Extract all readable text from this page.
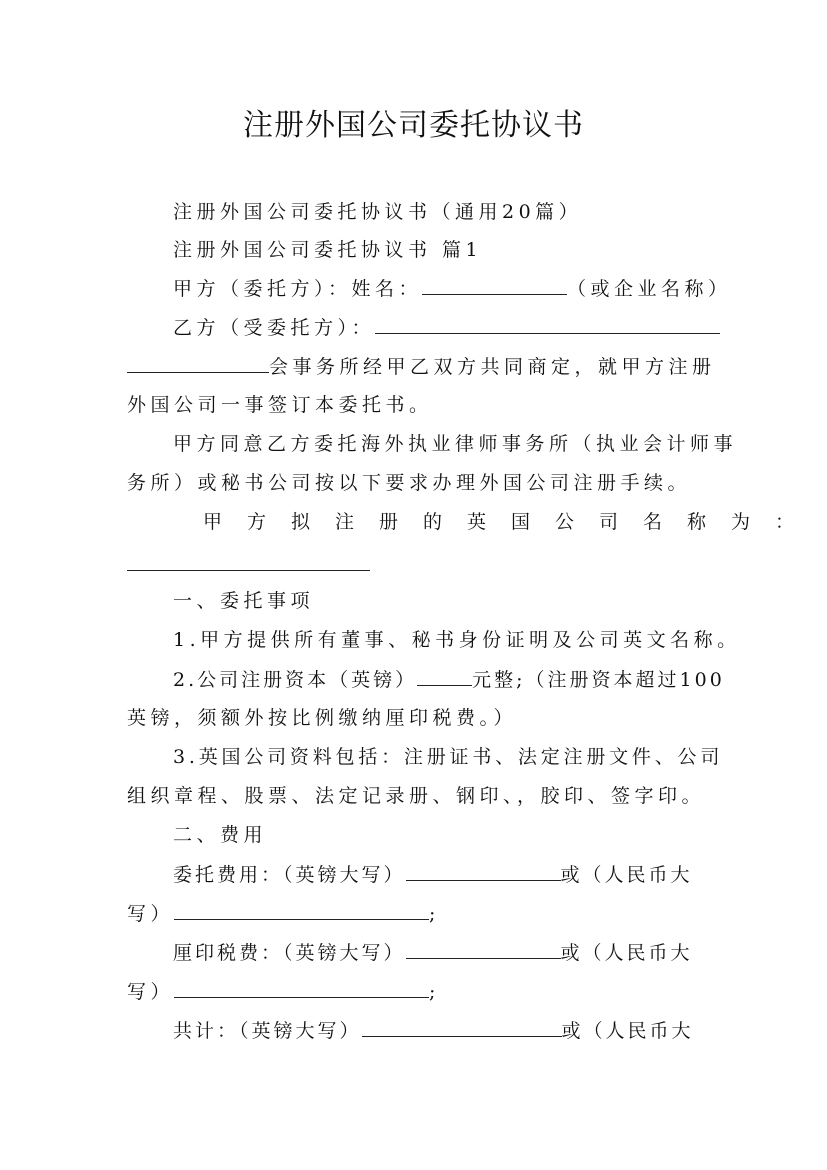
注册外国公司委托协议书
注册外国公司委托协议书（通用20篇）
注册外国公司委托协议书 篇1
甲方（委托方）：姓名：	（或企业名称）
乙方（受委托方）：
会事务所经甲乙双方共同商定，就甲方注册
外国公司一事签订本委托书。
甲方同意乙方委托海外执业律师事务所（执业会计师事
务所）或秘书公司按以下要求办理外国公司注册手续。
甲方拟注册的英国公司名称为：
一、委托事项
1.甲方提供所有董事、秘书身份证明及公司英文名称。
2.公司注册资本（英镑）	元整;（注册资本超过100
英镑，须额外按比例缴纳厘印税费。）
3.英国公司资料包括：注册证书、法定注册文件、公司
组织章程、股票、法定记录册、钢印、，胶印、签字印。
二、费用
委托费用：（英镑大写）	或（人民币大
写）	;
厘印税费：（英镑大写）	或（人民币大
写）	;
共计：（英镑大写）	或（人民币大
